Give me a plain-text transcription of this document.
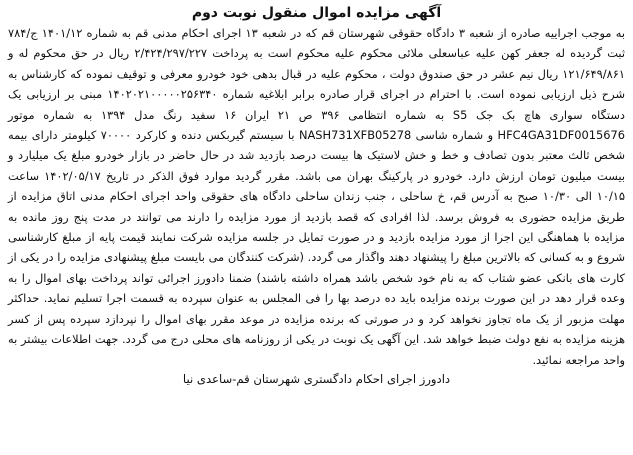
آگهی مزایده اموال منقول نوبت دوم

به موجب اجراییه صادره از شعبه ۳ دادگاه حقوقی شهرستان قم که در شعبه ۱۳ اجرای احکام مدنی قم به شماره ۱۴۰۱/۱۲ ج/۷۸۴ ثبت گردیده له جعفر کهن علیه عباسعلی ملائی محکوم علیه محکوم است به پرداخت ۲/۴۲۴/۲۹۷/۲۲۷ ریال در حق محکوم له و ۱۲۱/۶۴۹/۸۶۱ ریال نیم عشر در حق صندوق دولت ، محکوم علیه در قبال بدهی خود خودرو معرفی و توقیف نموده که کارشناس به شرح ذیل ارزیابی نموده است. با احترام در اجرای قرار صادره برابر ابلاغیه شماره ۱۴۰۲۰۲۱۰۰۰۰۰۲۵۶۳۴۰ مبنی بر ارزیابی یک دستگاه سواری هاچ بک جک S5 به شماره انتظامی ۳۹۶ ص ۲۱ ایران ۱۶ سفید رنگ مدل ۱۳۹۴ به شماره موتور HFC4GA31DF0015676 و شماره شاسی NASH731XFB05278 با سیستم گیربکس دنده و کارکرد ۷۰۰۰۰ کیلومتر دارای بیمه شخص ثالث معتبر بدون تصادف و خط و خش لاستیک ها بیست درصد بازدید شد در حال حاضر در بازار خودرو مبلغ یک میلیارد و بیست میلیون تومان ارزش دارد. خودرو در پارکینگ بهران می باشد. مقرر گردید موارد فوق الذکر در تاریخ ۱۴۰۲/۰۵/۱۷ ساعت ۱۰/۱۵ الی ۱۰/۳۰ صبح به آدرس قم، خ ساحلی ، جنب زندان ساحلی دادگاه های حقوقی واحد اجرای احکام مدنی اتاق مزایده از طریق مزایده حضوری به فروش برسد. لذا افرادی که قصد بازدید از مورد مزایده را دارند می توانند در مدت پنج روز مانده به مزایده با هماهنگی این اجرا از مورد مزایده بازدید و در صورت تمایل در جلسه مزایده شرکت نمایند قیمت پایه از مبلغ کارشناسی شروع و به کسانی که بالاترین مبلغ را پیشنهاد دهند واگذار می گردد. (شرکت کنندگان می بایست مبلغ پیشنهادی مزایده را در یکی از کارت های بانکی عضو شتاب که به نام خود شخص باشد همراه داشته باشند) ضمنا دادورز اجرائی تواند پرداخت بهای اموال را به وعده قرار دهد در این صورت برنده مزایده باید ده درصد بها را فی المجلس به عنوان سپرده به قسمت اجرا تسلیم نماید. حداکثر مهلت مزبور از یک ماه تجاوز نخواهد کرد و در صورتی که برنده مزایده در موعد مقرر بهای اموال را نپردازد سپرده پس از کسر هزینه مزایده به نفع دولت ضبط خواهد شد. این آگهی یک نوبت در یکی از روزنامه های محلی درج می گردد. جهت اطلاعات بیشتر به واحد مراجعه نمائید.

دادورز اجرای احکام دادگستری شهرستان قم-ساعدی نیا
